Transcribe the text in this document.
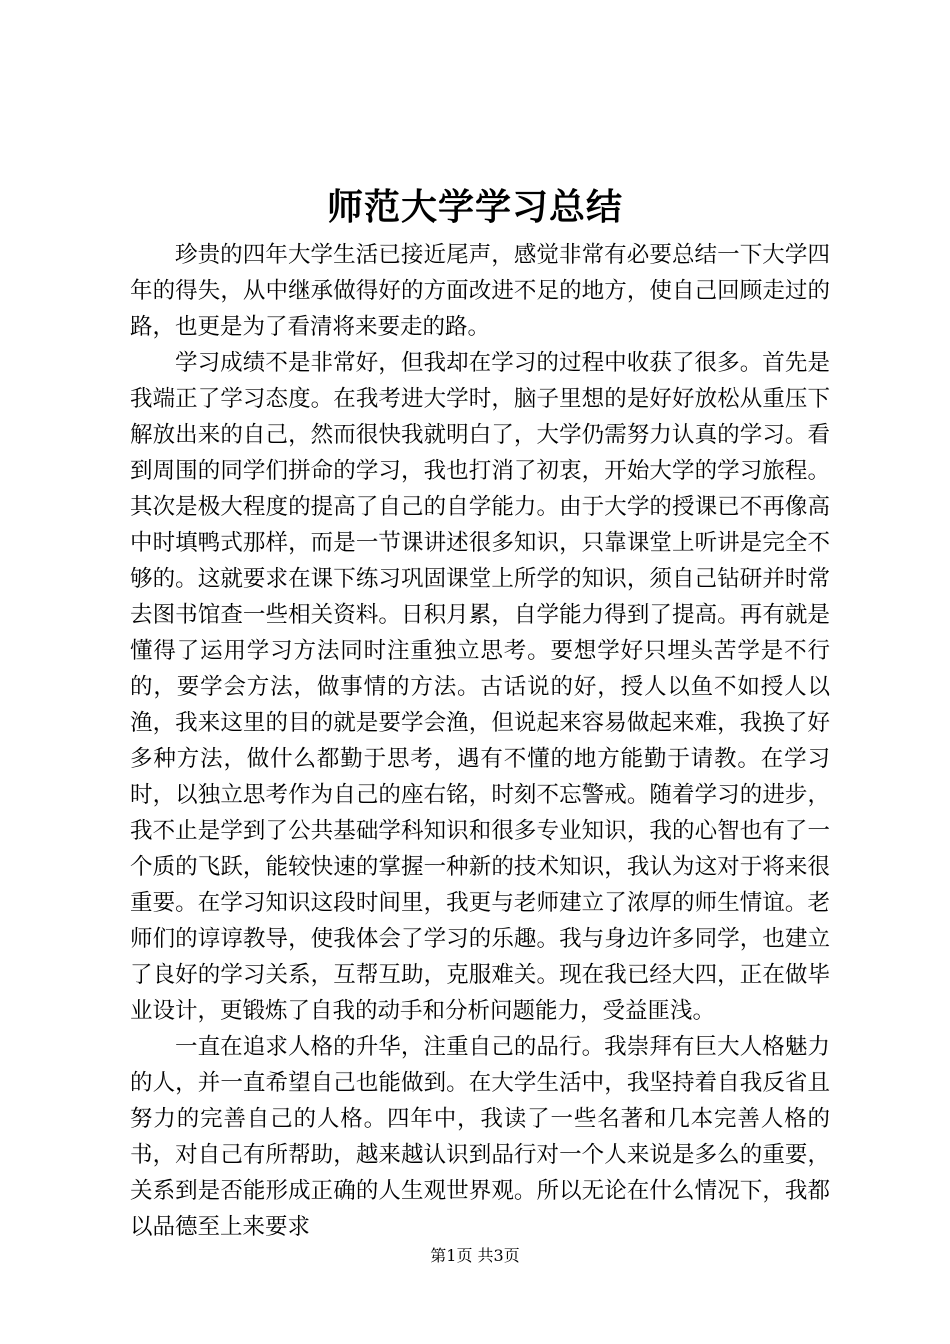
师范大学学习总结

珍贵的四年大学生活已接近尾声，感觉非常有必要总结一下大学四年的得失，从中继承做得好的方面改进不足的地方，使自己回顾走过的路，也更是为了看清将来要走的路。

学习成绩不是非常好，但我却在学习的过程中收获了很多。首先是我端正了学习态度。在我考进大学时，脑子里想的是好好放松从重压下解放出来的自己，然而很快我就明白了，大学仍需努力认真的学习。看到周围的同学们拼命的学习，我也打消了初衷，开始大学的学习旅程。其次是极大程度的提高了自己的自学能力。由于大学的授课已不再像高中时填鸭式那样，而是一节课讲述很多知识，只靠课堂上听讲是完全不够的。这就要求在课下练习巩固课堂上所学的知识，须自己钻研并时常去图书馆查一些相关资料。日积月累，自学能力得到了提高。再有就是懂得了运用学习方法同时注重独立思考。要想学好只埋头苦学是不行的，要学会方法，做事情的方法。古话说的好，授人以鱼不如授人以渔，我来这里的目的就是要学会渔，但说起来容易做起来难，我换了好多种方法，做什么都勤于思考，遇有不懂的地方能勤于请教。在学习时，以独立思考作为自己的座右铭，时刻不忘警戒。随着学习的进步，我不止是学到了公共基础学科知识和很多专业知识，我的心智也有了一个质的飞跃，能较快速的掌握一种新的技术知识，我认为这对于将来很重要。在学习知识这段时间里，我更与老师建立了浓厚的师生情谊。老师们的谆谆教导，使我体会了学习的乐趣。我与身边许多同学，也建立了良好的学习关系，互帮互助，克服难关。现在我已经大四，正在做毕业设计，更锻炼了自我的动手和分析问题能力，受益匪浅。

一直在追求人格的升华，注重自己的品行。我崇拜有巨大人格魅力的人，并一直希望自己也能做到。在大学生活中，我坚持着自我反省且努力的完善自己的人格。四年中，我读了一些名著和几本完善人格的书，对自己有所帮助，越来越认识到品行对一个人来说是多么的重要，关系到是否能形成正确的人生观世界观。所以无论在什么情况下，我都以品德至上来要求

第1页 共3页
